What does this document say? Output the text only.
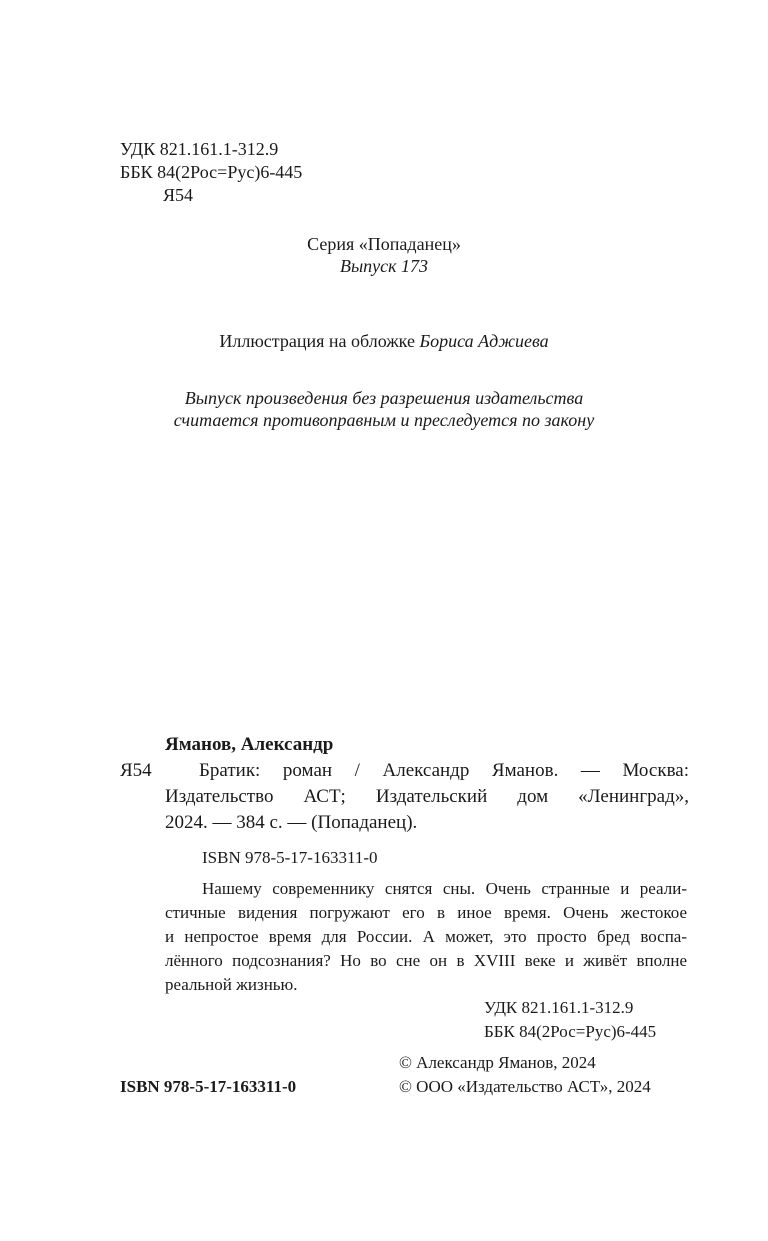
УДК 821.161.1-312.9
ББК 84(2Рос=Рус)6-445
Я54
Серия «Попаданец»
Выпуск 173
Иллюстрация на обложке Бориса Аджиева
Выпуск произведения без разрешения издательства
считается противоправным и преследуется по закону
Яманов, Александр
Я54 Братик: роман / Александр Яманов. — Москва:
Издательство АСТ; Издательский дом «Ленинград»,
2024. — 384 с. — (Попаданец).
ISBN 978-5-17-163311-0
Нашему современнику снятся сны. Очень странные и реали-
стичные видения погружают его в иное время. Очень жестокое
и непростое время для России. А может, это просто бред воспа-
лённого подсознания? Но во сне он в XVIII веке и живёт вполне
реальной жизнью.
УДК 821.161.1-312.9
ББК 84(2Рос=Рус)6-445
© Александр Яманов, 2024
ISBN 978-5-17-163311-0	© ООО «Издательство АСТ», 2024
